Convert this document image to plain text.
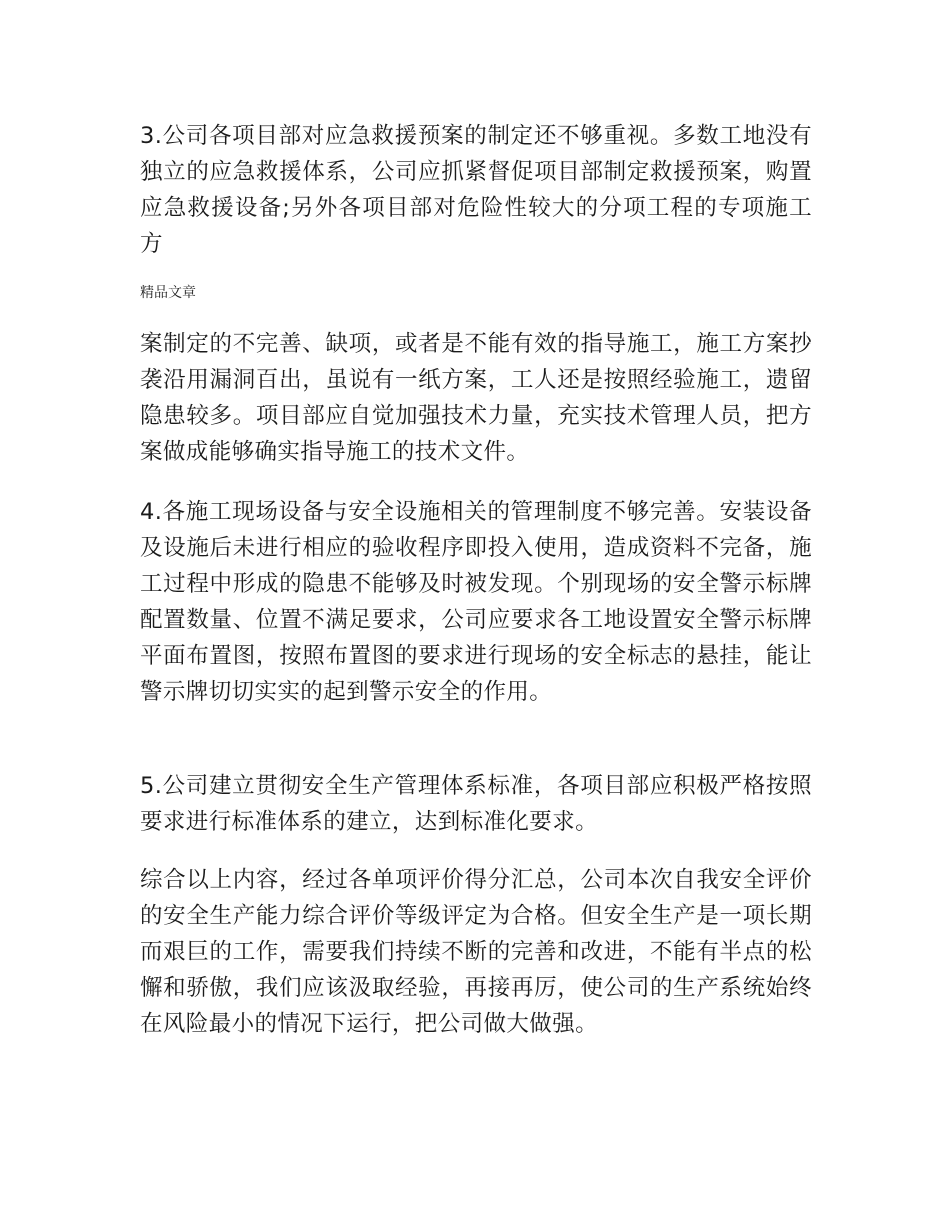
3.公司各项目部对应急救援预案的制定还不够重视。多数工地没有独立的应急救援体系，公司应抓紧督促项目部制定救援预案，购置应急救援设备;另外各项目部对危险性较大的分项工程的专项施工方

精品文章

案制定的不完善、缺项，或者是不能有效的指导施工，施工方案抄袭沿用漏洞百出，虽说有一纸方案，工人还是按照经验施工，遗留隐患较多。项目部应自觉加强技术力量，充实技术管理人员，把方案做成能够确实指导施工的技术文件。

4.各施工现场设备与安全设施相关的管理制度不够完善。安装设备及设施后未进行相应的验收程序即投入使用，造成资料不完备，施工过程中形成的隐患不能够及时被发现。个别现场的安全警示标牌配置数量、位置不满足要求，公司应要求各工地设置安全警示标牌平面布置图，按照布置图的要求进行现场的安全标志的悬挂，能让警示牌切切实实的起到警示安全的作用。

5.公司建立贯彻安全生产管理体系标准，各项目部应积极严格按照要求进行标准体系的建立，达到标准化要求。

综合以上内容，经过各单项评价得分汇总，公司本次自我安全评价的安全生产能力综合评价等级评定为合格。但安全生产是一项长期而艰巨的工作，需要我们持续不断的完善和改进，不能有半点的松懈和骄傲，我们应该汲取经验，再接再厉，使公司的生产系统始终在风险最小的情况下运行，把公司做大做强。
